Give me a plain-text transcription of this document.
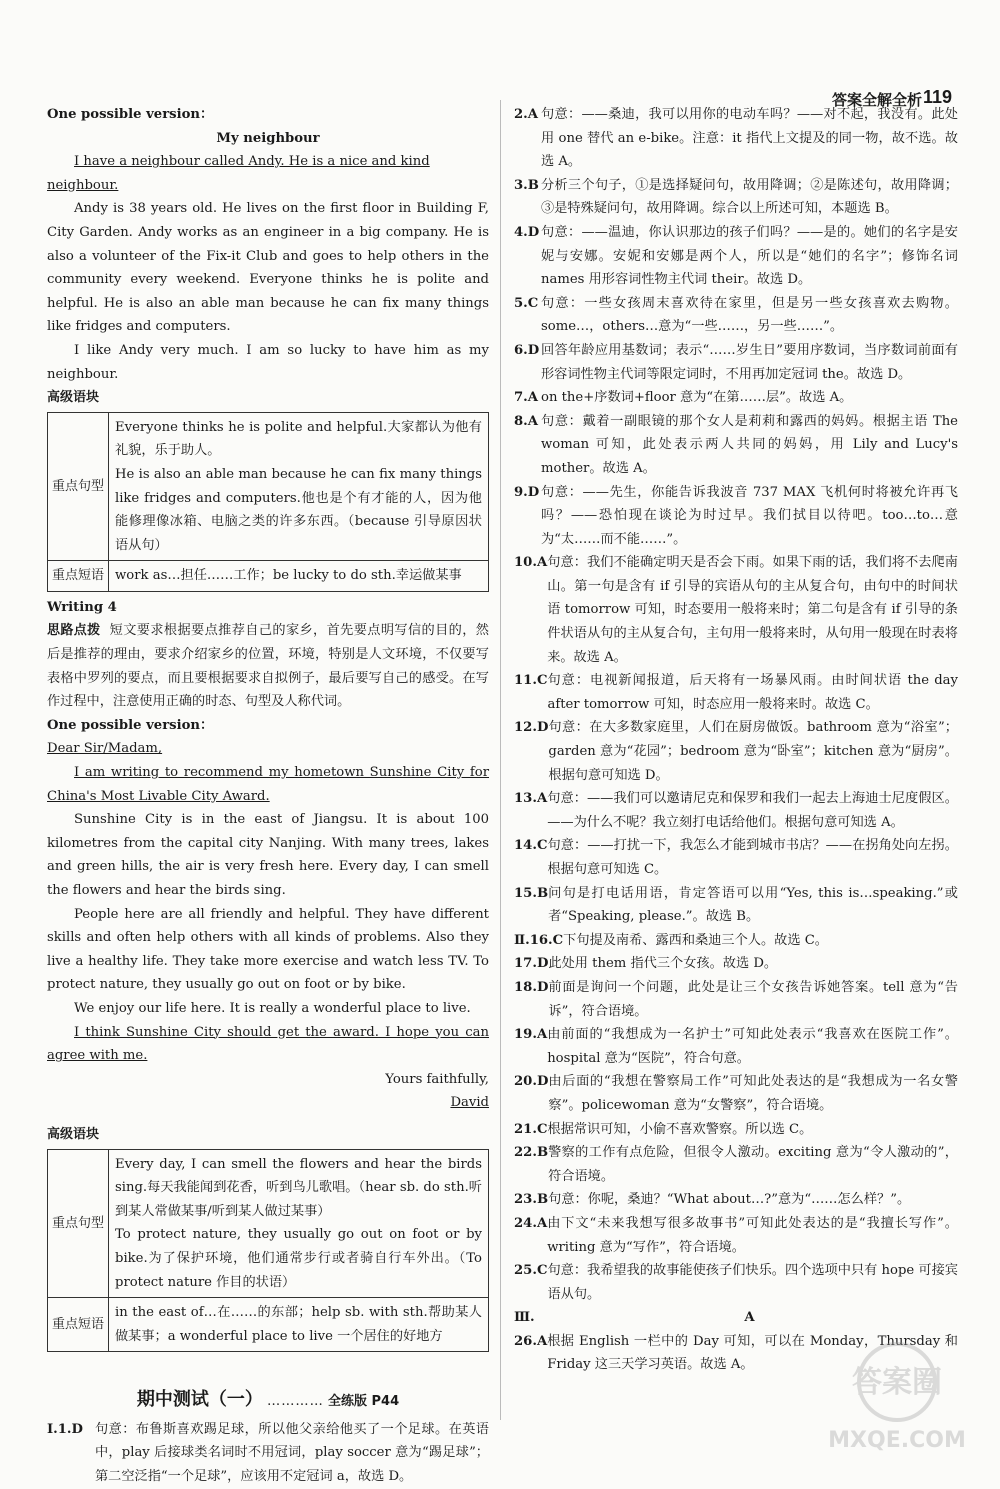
答案全解全析 119

One possible version：

My neighbour

I have a neighbour called Andy. He is a nice and kind neighbour.

Andy is 38 years old. He lives on the first floor in Building F, City Garden. Andy works as an engineer in a big company. He is also a volunteer of the Fix-it Club and goes to help others in the community every weekend. Everyone thinks he is polite and helpful. He is also an able man because he can fix many things like fridges and computers.

I like Andy very much. I am so lucky to have him as my neighbour.

高级语块

重点句型	Everyone thinks he is polite and helpful.大家都认为他有礼貌，乐于助人。

He is also an able man because he can fix many things like fridges and computers.他也是个有才能的人，因为他能修理像冰箱、电脑之类的许多东西。（because 引导原因状语从句）

重点短语	work as…担任……工作；be lucky to do sth.幸运做某事

Writing 4

思路点拨 短文要求根据要点推荐自己的家乡，首先要点明写信的目的，然后是推荐的理由，要求介绍家乡的位置，环境，特别是人文环境，不仅要写表格中罗列的要点，而且要根据要求自拟例子，最后要写自己的感受。在写作过程中，注意使用正确的时态、句型及人称代词。

One possible version：

Dear Sir/Madam,

I am writing to recommend my hometown Sunshine City for China's Most Livable City Award.

Sunshine City is in the east of Jiangsu. It is about 100 kilometres from the capital city Nanjing. With many trees, lakes and green hills, the air is very fresh here. Every day, I can smell the flowers and hear the birds sing.

People here are all friendly and helpful. They have different skills and often help others with all kinds of problems. Also they live a healthy life. They take more exercise and watch less TV. To protect nature, they usually go out on foot or by bike.

We enjoy our life here. It is really a wonderful place to live.

I think Sunshine City should get the award. I hope you can agree with me.

Yours faithfully,

David

高级语块

重点句型	Every day, I can smell the flowers and hear the birds sing.每天我能闻到花香，听到鸟儿歌唱。（hear sb. do sth.听到某人常做某事/听到某人做过某事）

To protect nature, they usually go out on foot or by bike.为了保护环境，他们通常步行或者骑自行车外出。（To protect nature 作目的状语）

重点短语	in the east of…在……的东部；help sb. with sth.帮助某人做某事；a wonderful place to live 一个居住的好地方

期中测试（一） ………… 全练版 P44
Ⅰ.1.D 句意：布鲁斯喜欢踢足球，所以他父亲给他买了一个足球。在英语中，play 后接球类名词时不用冠词，play soccer 意为“踢足球”；第二空泛指“一个足球”，应该用不定冠词 a，故选 D。
2.A 句意：——桑迪，我可以用你的电动车吗？——对不起，我没有。此处用 one 替代 an e-bike。注意：it 指代上文提及的同一物，故不选。故选 A。
3.B 分析三个句子，①是选择疑问句，故用降调；②是陈述句，故用降调；③是特殊疑问句，故用降调。综合以上所述可知，本题选 B。
4.D 句意：——温迪，你认识那边的孩子们吗？——是的。她们的名字是安妮与安娜。安妮和安娜是两个人，所以是“她们的名字”；修饰名词 names 用形容词性物主代词 their。故选 D。
5.C 句意：一些女孩周末喜欢待在家里，但是另一些女孩喜欢去购物。some…，others…意为“一些……，另一些……”。
6.D 回答年龄应用基数词；表示“……岁生日”要用序数词，当序数词前面有形容词性物主代词等限定词时，不用再加定冠词 the。故选 D。
7.A on the+序数词+floor 意为“在第……层”。故选 A。
8.A 句意：戴着一副眼镜的那个女人是莉莉和露西的妈妈。根据主语 The woman 可知，此处表示两人共同的妈妈，用 Lily and Lucy's mother。故选 A。
9.D 句意：——先生，你能告诉我波音 737 MAX 飞机何时将被允许再飞吗？——恐怕现在谈论为时过早。我们拭目以待吧。too…to…意为“太……而不能……”。
10.A 句意：我们不能确定明天是否会下雨。如果下雨的话，我们将不去爬南山。第一句是含有 if 引导的宾语从句的主从复合句，由句中的时间状语 tomorrow 可知，时态要用一般将来时；第二句是含有 if 引导的条件状语从句的主从复合句，主句用一般将来时，从句用一般现在时表将来。故选 A。
11.C 句意：电视新闻报道，后天将有一场暴风雨。由时间状语 the day after tomorrow 可知，时态应用一般将来时。故选 C。
12.D 句意：在大多数家庭里，人们在厨房做饭。bathroom 意为“浴室”；garden 意为“花园”；bedroom 意为“卧室”；kitchen 意为“厨房”。根据句意可知选 D。
13.A 句意：——我们可以邀请尼克和保罗和我们一起去上海迪士尼度假区。——为什么不呢？我立刻打电话给他们。根据句意可知选 A。
14.C 句意：——打扰一下，我怎么才能到城市书店？——在拐角处向左拐。根据句意可知选 C。
15.B 问句是打电话用语，肯定答语可以用“Yes, this is…speaking.”或者“Speaking, please.”。故选 B。
Ⅱ.16.C 下句提及南希、露西和桑迪三个人。故选 C。
17.D 此处用 them 指代三个女孩。故选 D。
18.D 前面是询问一个问题，此处是让三个女孩告诉她答案。tell 意为“告诉”，符合语境。
19.A 由前面的“我想成为一名护士”可知此处表示“我喜欢在医院工作”。hospital 意为“医院”，符合句意。
20.D 由后面的“我想在警察局工作”可知此处表达的是“我想成为一名女警察”。policewoman 意为“女警察”，符合语境。
21.C 根据常识可知，小偷不喜欢警察。所以选 C。
22.B 警察的工作有点危险，但很令人激动。exciting 意为“令人激动的”，符合语境。
23.B 句意：你呢，桑迪？“What about…?”意为“……怎么样？”。
24.A 由下文“未来我想写很多故事书”可知此处表达的是“我擅长写作”。writing 意为“写作”，符合语境。
25.C 句意：我希望我的故事能使孩子们快乐。四个选项中只有 hope 可接宾语从句。
Ⅲ.	A
26.A 根据 English 一栏中的 Day 可知，可以在 Monday，Thursday 和 Friday 这三天学习英语。故选 A。
答案圈
MXQE.COM
